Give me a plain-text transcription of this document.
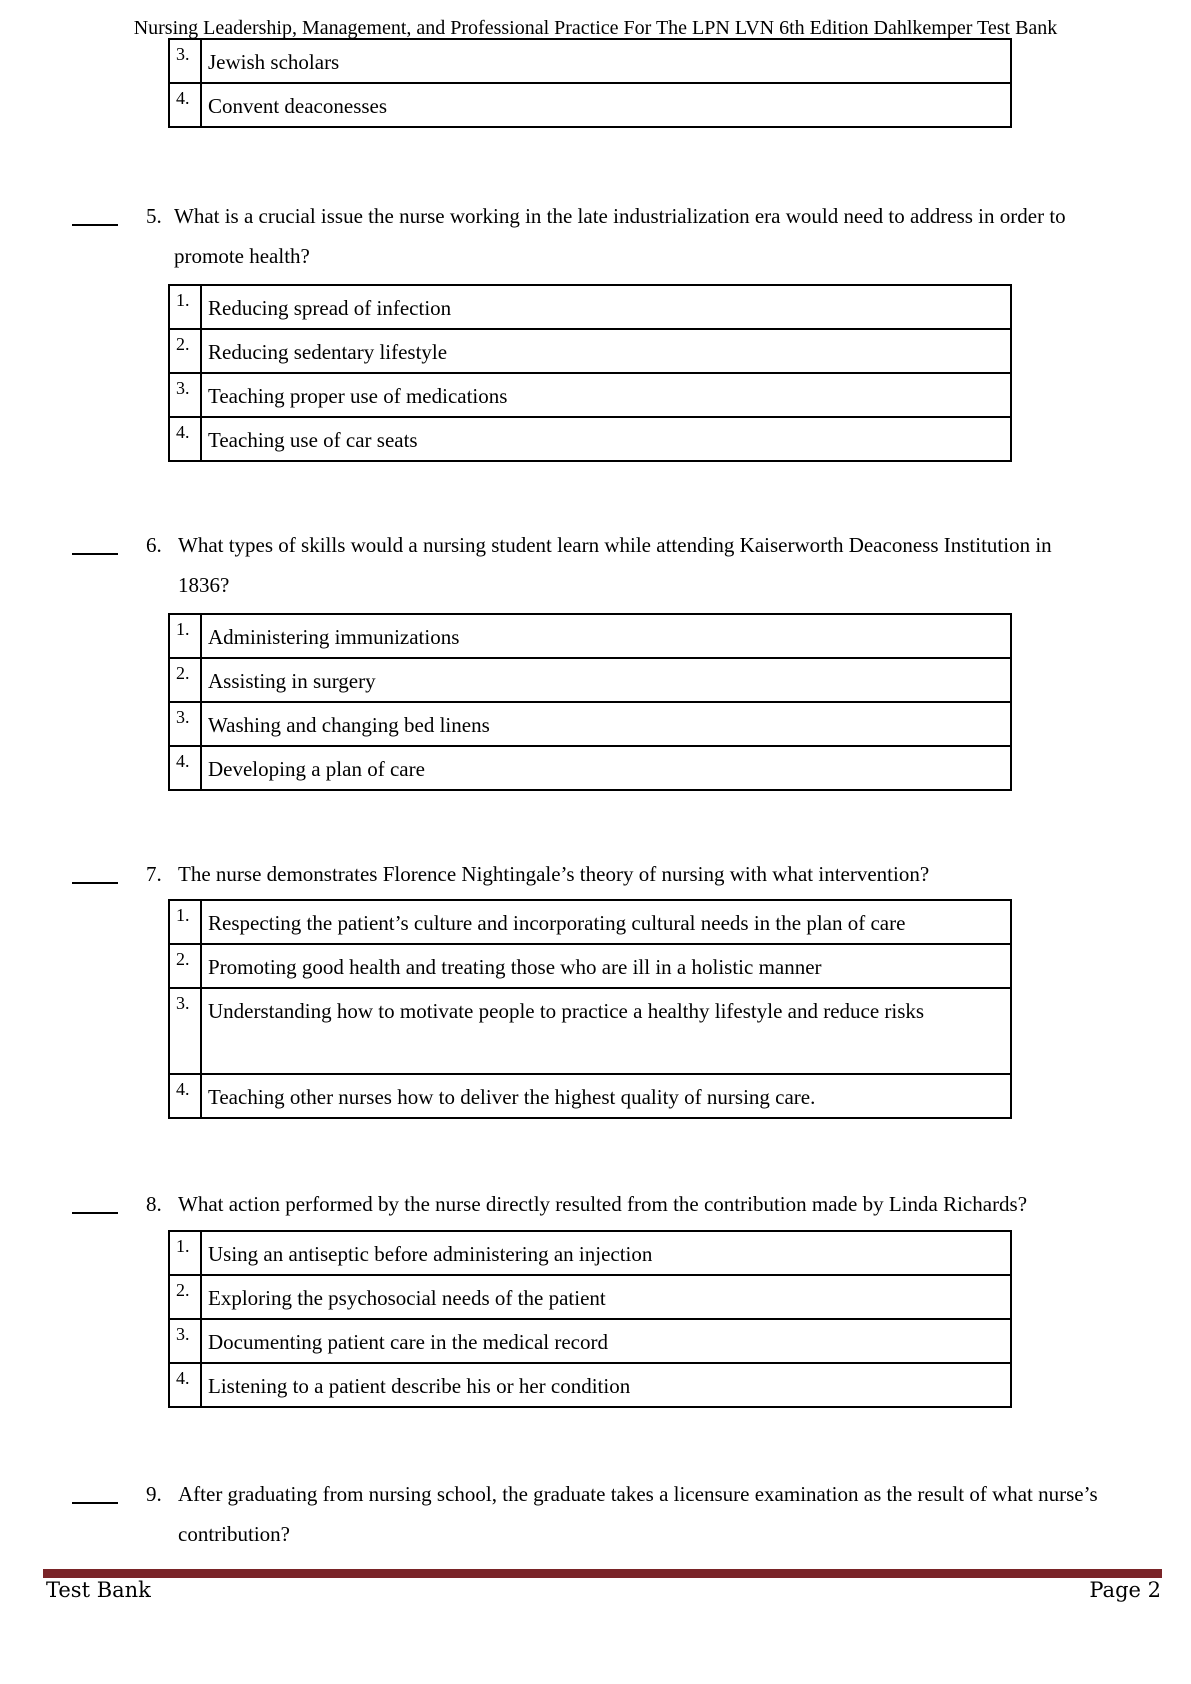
Nursing Leadership, Management, and Professional Practice For The LPN LVN 6th Edition Dahlkemper Test Bank
3.	Jewish scholars
4.	Convent deaconesses
5. What is a crucial issue the nurse working in the late industrialization era would need to address in order to promote health?
1.	Reducing spread of infection
2.	Reducing sedentary lifestyle
3.	Teaching proper use of medications
4.	Teaching use of car seats
6. What types of skills would a nursing student learn while attending Kaiserworth Deaconess Institution in 1836?
1.	Administering immunizations
2.	Assisting in surgery
3.	Washing and changing bed linens
4.	Developing a plan of care
7. The nurse demonstrates Florence Nightingale’s theory of nursing with what intervention?
1.	Respecting the patient’s culture and incorporating cultural needs in the plan of care
2.	Promoting good health and treating those who are ill in a holistic manner
3.	Understanding how to motivate people to practice a healthy lifestyle and reduce risks
4.	Teaching other nurses how to deliver the highest quality of nursing care.
8. What action performed by the nurse directly resulted from the contribution made by Linda Richards?
1.	Using an antiseptic before administering an injection
2.	Exploring the psychosocial needs of the patient
3.	Documenting patient care in the medical record
4.	Listening to a patient describe his or her condition
9. After graduating from nursing school, the graduate takes a licensure examination as the result of what nurse’s contribution?
Test Bank	Page 2
